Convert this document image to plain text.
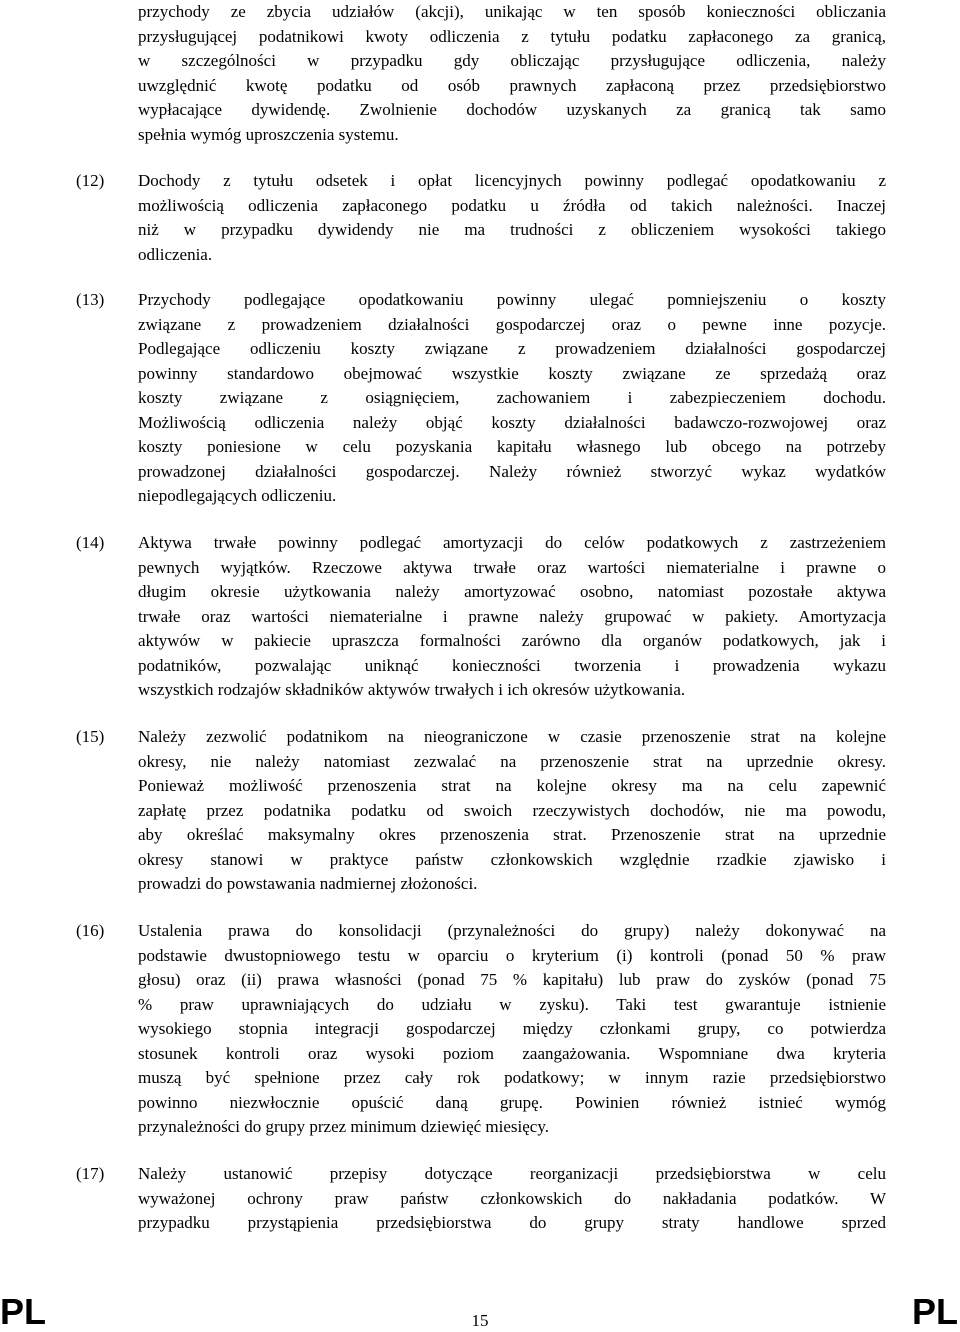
przychody ze zbycia udziałów (akcji), unikając w ten sposób konieczności obliczania
przysługującej podatnikowi kwoty odliczenia z tytułu podatku zapłaconego za granicą,
w szczególności w przypadku gdy obliczając przysługujące odliczenia, należy
uwzględnić kwotę podatku od osób prawnych zapłaconą przez przedsiębiorstwo
wypłacające dywidendę. Zwolnienie dochodów uzyskanych za granicą tak samo
spełnia wymóg uproszczenia systemu.
(12) Dochody z tytułu odsetek i opłat licencyjnych powinny podlegać opodatkowaniu z
możliwością odliczenia zapłaconego podatku u źródła od takich należności. Inaczej
niż w przypadku dywidendy nie ma trudności z obliczeniem wysokości takiego
odliczenia.
(13) Przychody podlegające opodatkowaniu powinny ulegać pomniejszeniu o koszty
związane z prowadzeniem działalności gospodarczej oraz o pewne inne pozycje.
Podlegające odliczeniu koszty związane z prowadzeniem działalności gospodarczej
powinny standardowo obejmować wszystkie koszty związane ze sprzedażą oraz
koszty związane z osiągnięciem, zachowaniem i zabezpieczeniem dochodu.
Możliwością odliczenia należy objąć koszty działalności badawczo-rozwojowej oraz
koszty poniesione w celu pozyskania kapitału własnego lub obcego na potrzeby
prowadzonej działalności gospodarczej. Należy również stworzyć wykaz wydatków
niepodlegających odliczeniu.
(14) Aktywa trwałe powinny podlegać amortyzacji do celów podatkowych z zastrzeżeniem
pewnych wyjątków. Rzeczowe aktywa trwałe oraz wartości niematerialne i prawne o
długim okresie użytkowania należy amortyzować osobno, natomiast pozostałe aktywa
trwałe oraz wartości niematerialne i prawne należy grupować w pakiety. Amortyzacja
aktywów w pakiecie upraszcza formalności zarówno dla organów podatkowych, jak i
podatników, pozwalając uniknąć konieczności tworzenia i prowadzenia wykazu
wszystkich rodzajów składników aktywów trwałych i ich okresów użytkowania.
(15) Należy zezwolić podatnikom na nieograniczone w czasie przenoszenie strat na kolejne
okresy, nie należy natomiast zezwalać na przenoszenie strat na uprzednie okresy.
Ponieważ możliwość przenoszenia strat na kolejne okresy ma na celu zapewnić
zapłatę przez podatnika podatku od swoich rzeczywistych dochodów, nie ma powodu,
aby określać maksymalny okres przenoszenia strat. Przenoszenie strat na uprzednie
okresy stanowi w praktyce państw członkowskich względnie rzadkie zjawisko i
prowadzi do powstawania nadmiernej złożoności.
(16) Ustalenia prawa do konsolidacji (przynależności do grupy) należy dokonywać na
podstawie dwustopniowego testu w oparciu o kryterium (i) kontroli (ponad 50 % praw
głosu) oraz (ii) prawa własności (ponad 75 % kapitału) lub praw do zysków (ponad 75
% praw uprawniających do udziału w zysku). Taki test gwarantuje istnienie
wysokiego stopnia integracji gospodarczej między członkami grupy, co potwierdza
stosunek kontroli oraz wysoki poziom zaangażowania. Wspomniane dwa kryteria
muszą być spełnione przez cały rok podatkowy; w innym razie przedsiębiorstwo
powinno niezwłocznie opuścić daną grupę. Powinien również istnieć wymóg
przynależności do grupy przez minimum dziewięć miesięcy.
(17) Należy ustanowić przepisy dotyczące reorganizacji przedsiębiorstwa w celu
wyważonej ochrony praw państw członkowskich do nakładania podatków. W
przypadku przystąpienia przedsiębiorstwa do grupy straty handlowe sprzed
PL	15	PL
